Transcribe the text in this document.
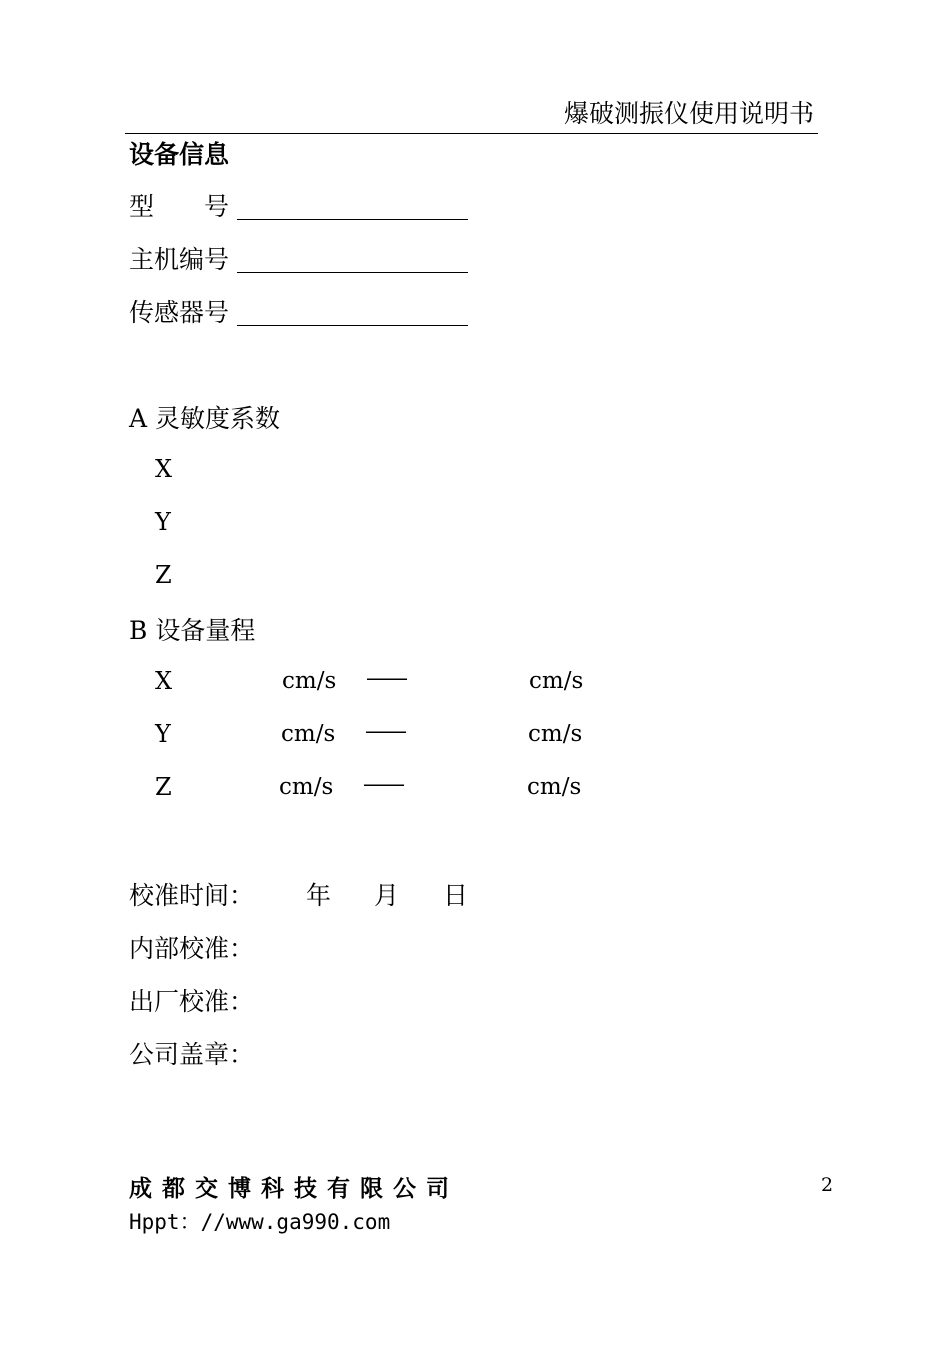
爆破测振仪使用说明书
设备信息
型　　号
主机编号
传感器号
A 灵敏度系数
X
Y
Z
B 设备量程
X	cm/s ——	cm/s
Y	cm/s ——	cm/s
Z	cm/s ——	cm/s
校准时间： 年 月 日
内部校准：
出厂校准：
公司盖章：
成都交博科技有限公司
Hppt：//www.ga990.com
2
